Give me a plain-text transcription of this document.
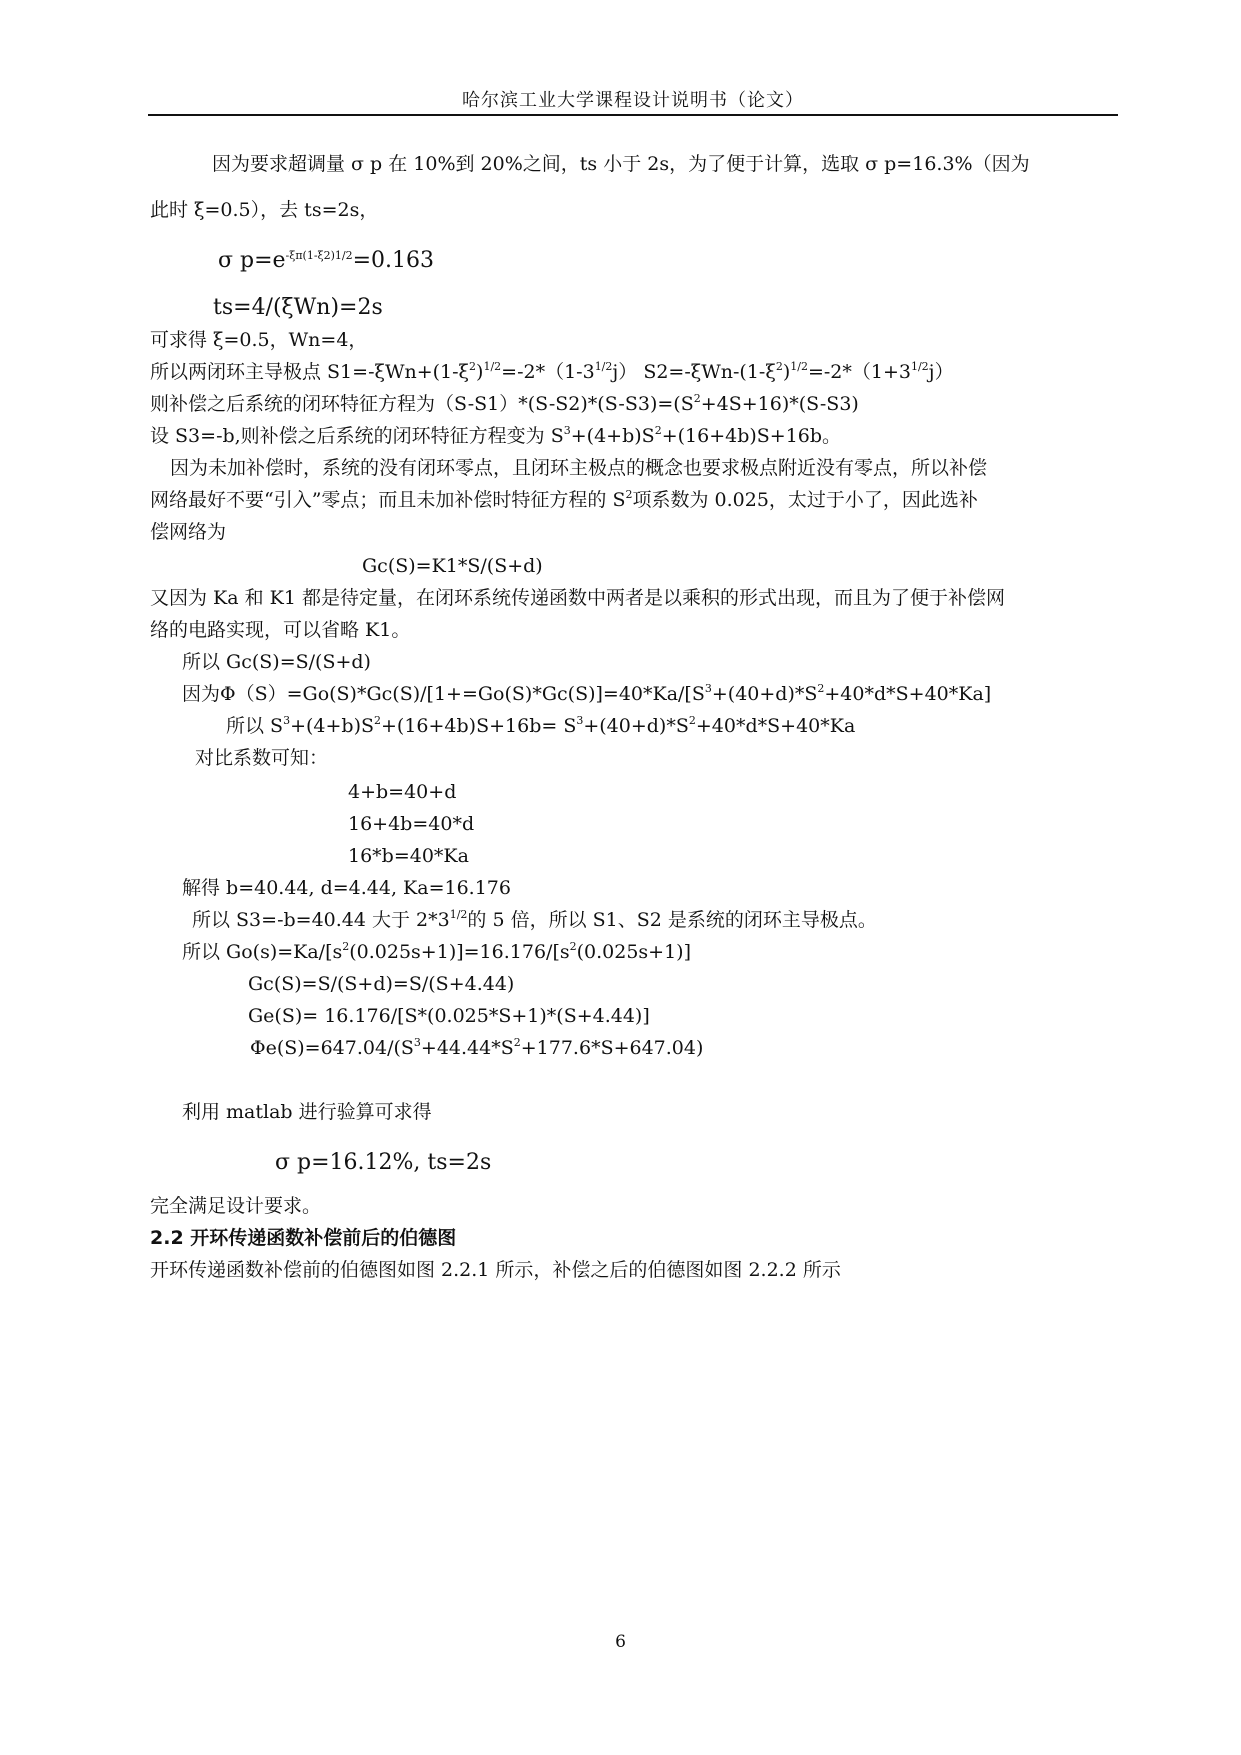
哈尔滨工业大学课程设计说明书（论文）
因为要求超调量 σ p 在 10%到 20%之间，ts 小于 2s，为了便于计算，选取 σ p=16.3%（因为
此时 ξ=0.5），去 ts=2s，
σ $p=e^{-\xi\pi(1-\xi 2)1/2}=0.163$
ts=4/(ξWn)=2s
可求得 ξ=0.5，Wn=4，
所以两闭环主导极点 $S1=-\xi Wn+(1-\xi^2)^{1/2}=-2*(1-3^{1/2}j)$ $S2=-\xi Wn-(1-\xi^2)^{1/2}=-2*(1+3^{1/2}j)$
则补偿之后系统的闭环特征方程为$(S-S1)*(S-S2)*(S-S3)=(S^2+4S+16)*(S-S3)$
设 S3=-b,则补偿之后系统的闭环特征方程变为 $S^3+(4+b)S^2+(16+4b)S+16b$。
因为未加补偿时，系统的没有闭环零点，且闭环主极点的概念也要求极点附近没有零点，所以补偿
网络最好不要“引入”零点；而且未加补偿时特征方程的 $S^2$项系数为 0.025，太过于小了，因此选补
偿网络为
Gc(S)=K1*S/(S+d)
又因为 Ka 和 K1 都是待定量，在闭环系统传递函数中两者是以乘积的形式出现，而且为了便于补偿网
络的电路实现，可以省略 K1。
所以 Gc(S)=S/(S+d)
因为$\Phi(S)=Go(S)*Gc(S)/[1+=Go(S)*Gc(S)]=40*Ka/[S^3+(40+d)*S^2+40*d*S+40*Ka]$
所以 $S^3+(4+b)S^2+(16+4b)S+16b= S^3+(40+d)*S^2+40*d*S+40*Ka$
对比系数可知：
4+b=40+d
16+4b=40*d
16*b=40*Ka
解得 b=40.44, d=4.44, Ka=16.176
所以 S3=-b=40.44 大于 $2*3^{1/2}$的 5 倍，所以 S1、S2 是系统的闭环主导极点。
所以 $Go(s)=Ka/[s^2(0.025s+1)]=16.176/[s^2(0.025s+1)]$
Gc(S)=S/(S+d)=S/(S+4.44)
Ge(S)= 16.176/[S*(0.025*S+1)*(S+4.44)]
$\Phi e(S)=647.04/(S^3+44.44*S^2+177.6*S+647.04)$
利用 matlab 进行验算可求得
σ p=16.12%, ts=2s
完全满足设计要求。
2.2 开环传递函数补偿前后的伯德图
开环传递函数补偿前的伯德图如图 2.2.1 所示，补偿之后的伯德图如图 2.2.2 所示
6
